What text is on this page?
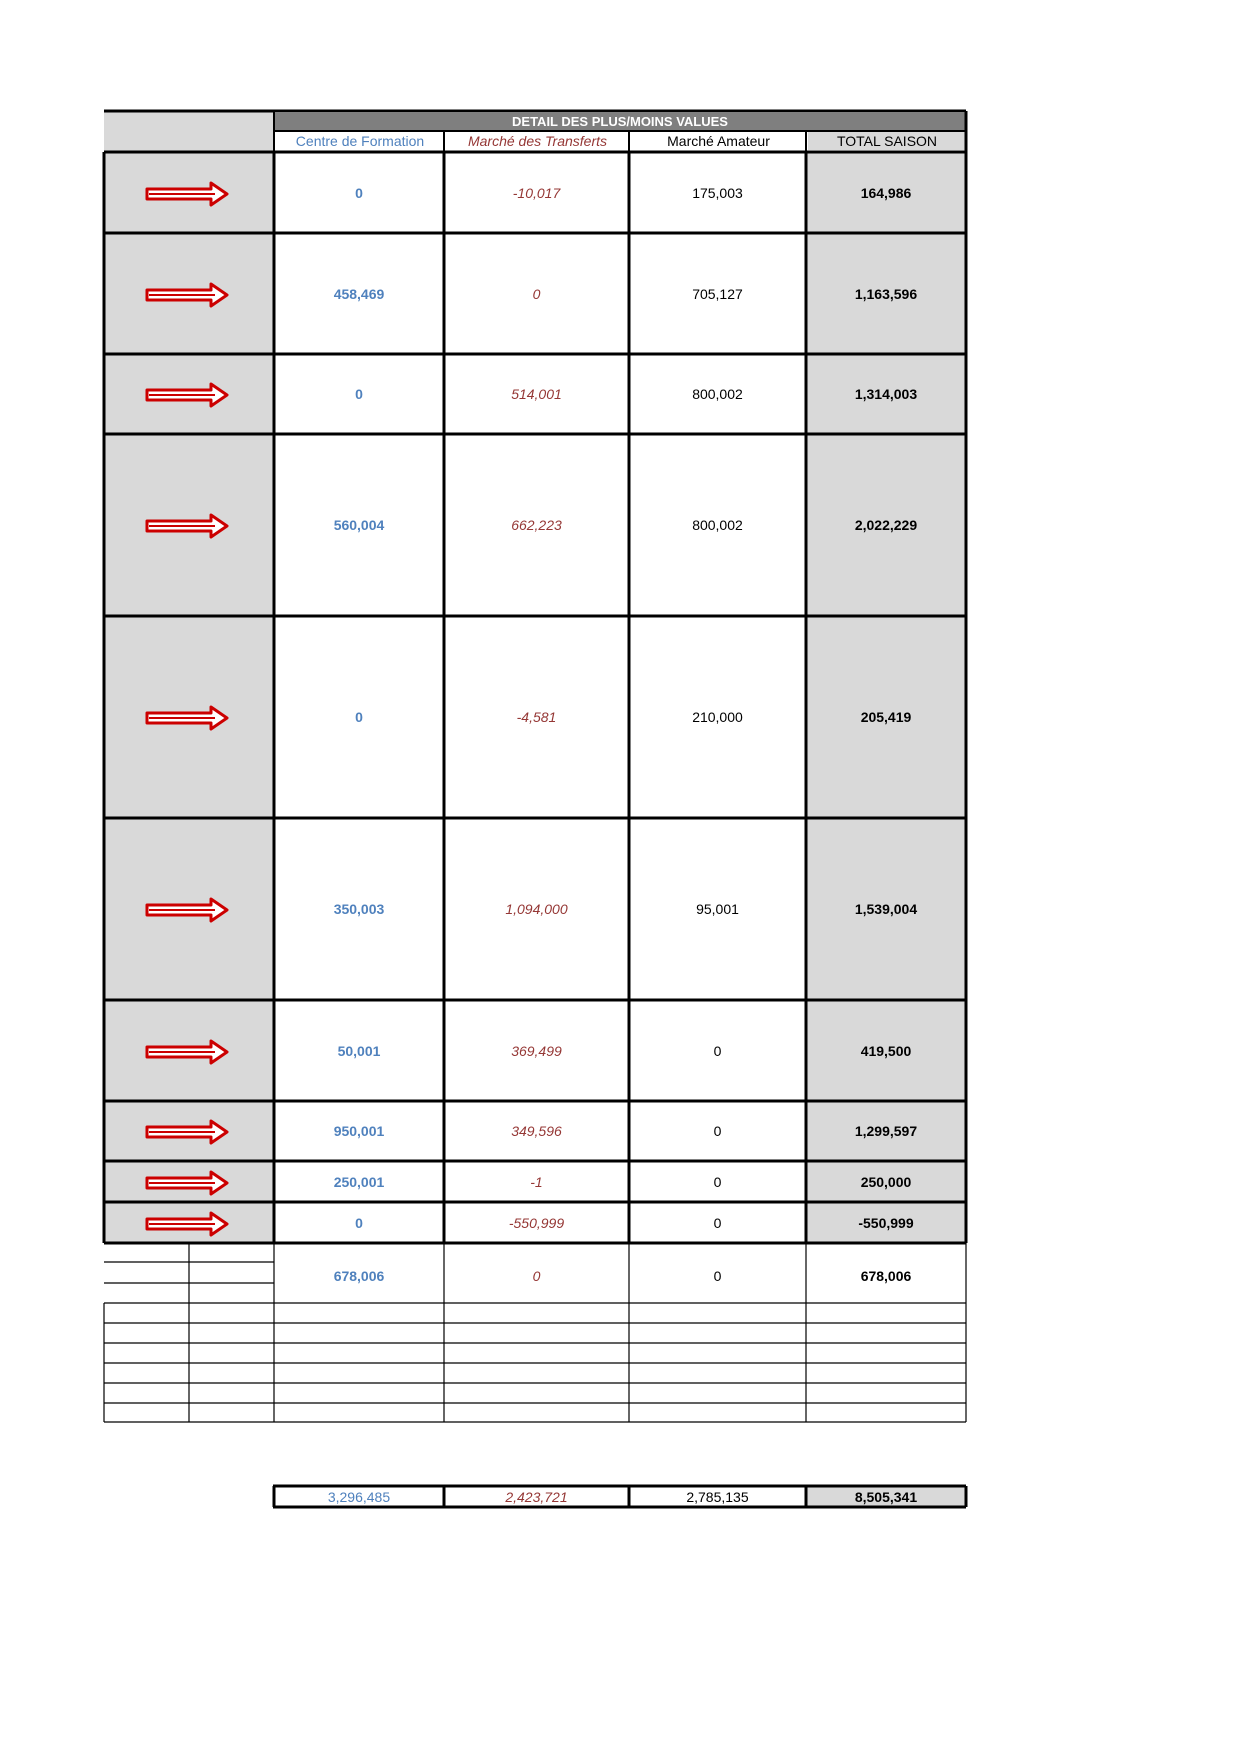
DETAIL DES PLUS/MOINS VALUES
Centre de Formation	Marché des Transferts	Marché Amateur	TOTAL SAISON
0	-10,017	175,003	164,986
458,469	0	705,127	1,163,596
0	514,001	800,002	1,314,003
560,004	662,223	800,002	2,022,229
0	-4,581	210,000	205,419
350,003	1,094,000	95,001	1,539,004
50,001	369,499	0	419,500
950,001	349,596	0	1,299,597
250,001	-1	0	250,000
0	-550,999	0	-550,999
678,006	0	0	678,006
3,296,485	2,423,721	2,785,135	8,505,341
